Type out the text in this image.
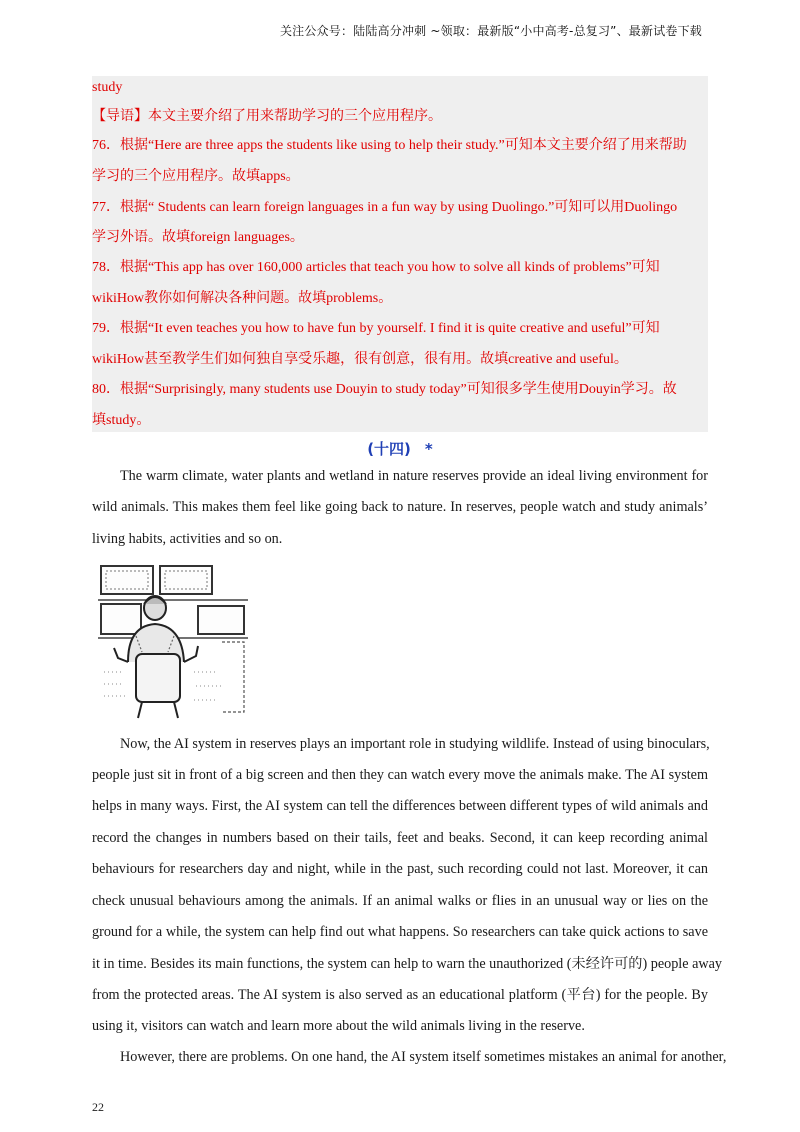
关注公众号：陆陆高分冲刺 ~领取：最新版“小中高考-总复习”、最新试卷下载
study
【导语】本文主要介绍了用来帮助学习的三个应用程序。
76．根据“Here are three apps the students like using to help their study.”可知本文主要介绍了用来帮助
学习的三个应用程序。故填apps。
77．根据“ Students can learn foreign languages in a fun way by using Duolingo.”可知可以用Duolingo
学习外语。故填foreign languages。
78．根据“This app has over 160,000 articles that teach you how to solve all kinds of problems”可知
wikiHow教你如何解决各种问题。故填problems。
79．根据“It even teaches you how to have fun by yourself. I find it is quite creative and useful”可知
wikiHow甚至教学生们如何独自享受乐趣，很有创意，很有用。故填creative and useful。
80．根据“Surprisingly, many students use Douyin to study today”可知很多学生使用Douyin学习。故
填study。
(十四) *
The warm climate, water plants and wetland in nature reserves provide an ideal living environment for
wild animals. This makes them feel like going back to nature. In reserves, people watch and study animals’
living habits, activities and so on.
Now, the AI system in reserves plays an important role in studying wildlife. Instead of using binoculars,
people just sit in front of a big screen and then they can watch every move the animals make. The AI system
helps in many ways. First, the AI system can tell the differences between different types of wild animals and
record the changes in numbers based on their tails, feet and beaks. Second, it can keep recording animal
behaviours for researchers day and night, while in the past, such recording could not last. Moreover, it can
check unusual behaviours among the animals. If an animal walks or flies in an unusual way or lies on the
ground for a while, the system can help find out what happens. So researchers can take quick actions to save
it in time. Besides its main functions, the system can help to warn the unauthorized (未经许可的) people away
from the protected areas. The AI system is also served as an educational platform (平台) for the people. By
using it, visitors can watch and learn more about the wild animals living in the reserve.
However, there are problems. On one hand, the AI system itself sometimes mistakes an animal for another,
22
